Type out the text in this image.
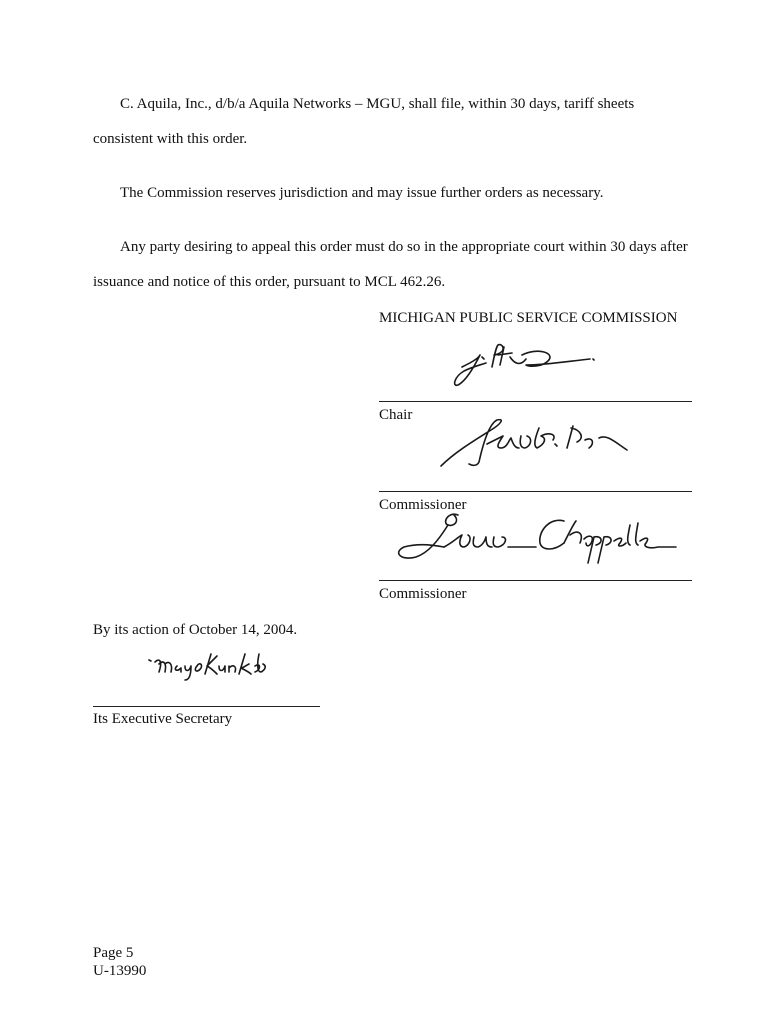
C. Aquila, Inc., d/b/a Aquila Networks – MGU, shall file, within 30 days, tariff sheets

consistent with this order.

The Commission reserves jurisdiction and may issue further orders as necessary.

Any party desiring to appeal this order must do so in the appropriate court within 30 days after

issuance and notice of this order, pursuant to MCL 462.26.

MICHIGAN PUBLIC SERVICE COMMISSION

Chair

Commissioner

Commissioner

By its action of October 14, 2004.

Its Executive Secretary

Page 5

U-13990
